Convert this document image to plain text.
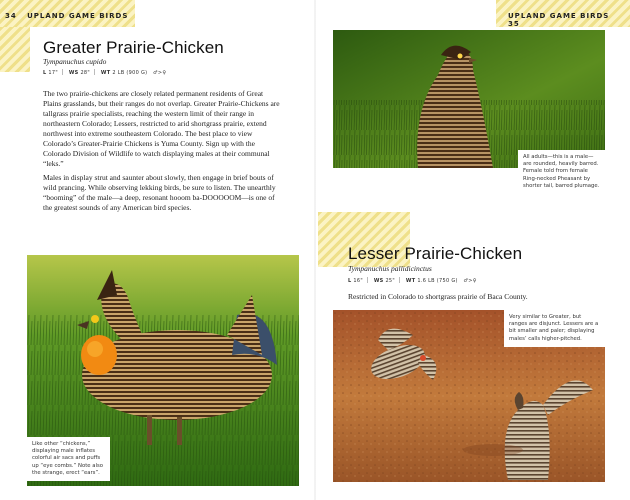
34 UPLAND GAME BIRDS
Greater Prairie-Chicken
Tympanuchus cupido
L 17" WS 28" WT 2 LB (900 G) ♂>♀

The two prairie-chickens are closely related permanent residents of Great Plains grasslands, but their ranges do not overlap. Greater Prairie-Chickens are tallgrass prairie specialists, reaching the western limit of their range in northeastern Colorado; Lessers, restricted to arid shortgrass prairie, extend northwest into extreme southeastern Colorado. The best place to view Colorado’s Greater-Prairie Chickens is Yuma County. Sign up with the Colorado Division of Wildlife to watch displaying males at their communal “leks.”

Males in display strut and saunter about slowly, then engage in brief bouts of wild prancing. While observing lekking birds, be sure to listen. The unearthly “booming” of the male—a deep, resonant hooom ba-DOOOOOM—is one of the greatest sounds of any American bird species.

Like other “chickens,” displaying male inflates colorful air sacs and puffs up “eye combs.” Note also the strange, erect “ears”.
UPLAND GAME BIRDS   35
All adults—this is a male—are rounded, heavily barred. Female told from female Ring-necked Pheasant by shorter tail, barred plumage.
Lesser Prairie-Chicken
Tympanuchus pallidicinctus
L 16" WS 25" WT 1.6 LB (750 G) ♂>♀
Restricted in Colorado to shortgrass prairie of Baca County.
Very similar to Greater, but ranges are disjunct. Lessers are a bit smaller and paler; displaying males’ calls higher-pitched.
